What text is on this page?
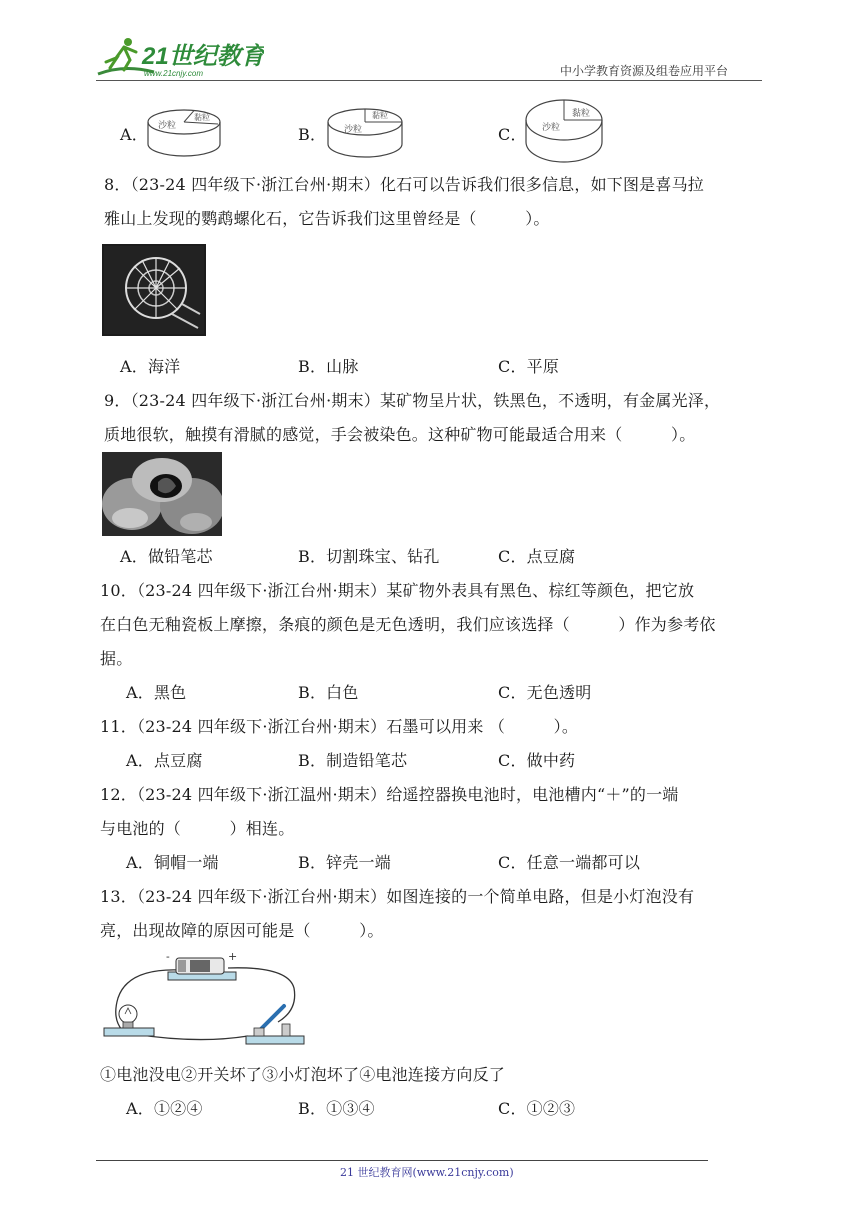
21世纪教育
www.21cnjy.com	中小学教育资源及组卷应用平台
A． 沙粒
黏粒
B． 沙粒
黏粒
C． 沙粒
黏粒
8．（23-24 四年级下·浙江台州·期末）化石可以告诉我们很多信息，如下图是喜马拉
雅山上发现的鹦鹉螺化石，它告诉我们这里曾经是（　　　）。
A．海洋	B．山脉	C．平原
9．（23-24 四年级下·浙江台州·期末）某矿物呈片状，铁黑色，不透明，有金属光泽，
质地很软，触摸有滑腻的感觉，手会被染色。这种矿物可能最适合用来（　　　）。
A．做铅笔芯	B．切割珠宝、钻孔	C．点豆腐
10．（23-24 四年级下·浙江台州·期末）某矿物外表具有黑色、棕红等颜色，把它放
在白色无釉瓷板上摩擦，条痕的颜色是无色透明，我们应该选择（　　　）作为参考依
据。
A．黑色	B．白色	C．无色透明
11．（23-24 四年级下·浙江台州·期末）石墨可以用来 （　　　）。
A．点豆腐	B．制造铅笔芯	C．做中药
12．（23-24 四年级下·浙江温州·期末）给遥控器换电池时，电池槽内“＋”的一端
与电池的（　　　）相连。
A．铜帽一端	B．锌壳一端	C．任意一端都可以
13．（23-24 四年级下·浙江台州·期末）如图连接的一个简单电路，但是小灯泡没有
亮，出现故障的原因可能是（　　　）。
-	+
①电池没电②开关坏了③小灯泡坏了④电池连接方向反了
A．①②④	B．①③④	C．①②③
21 世纪教育网(www.21cnjy.com)
